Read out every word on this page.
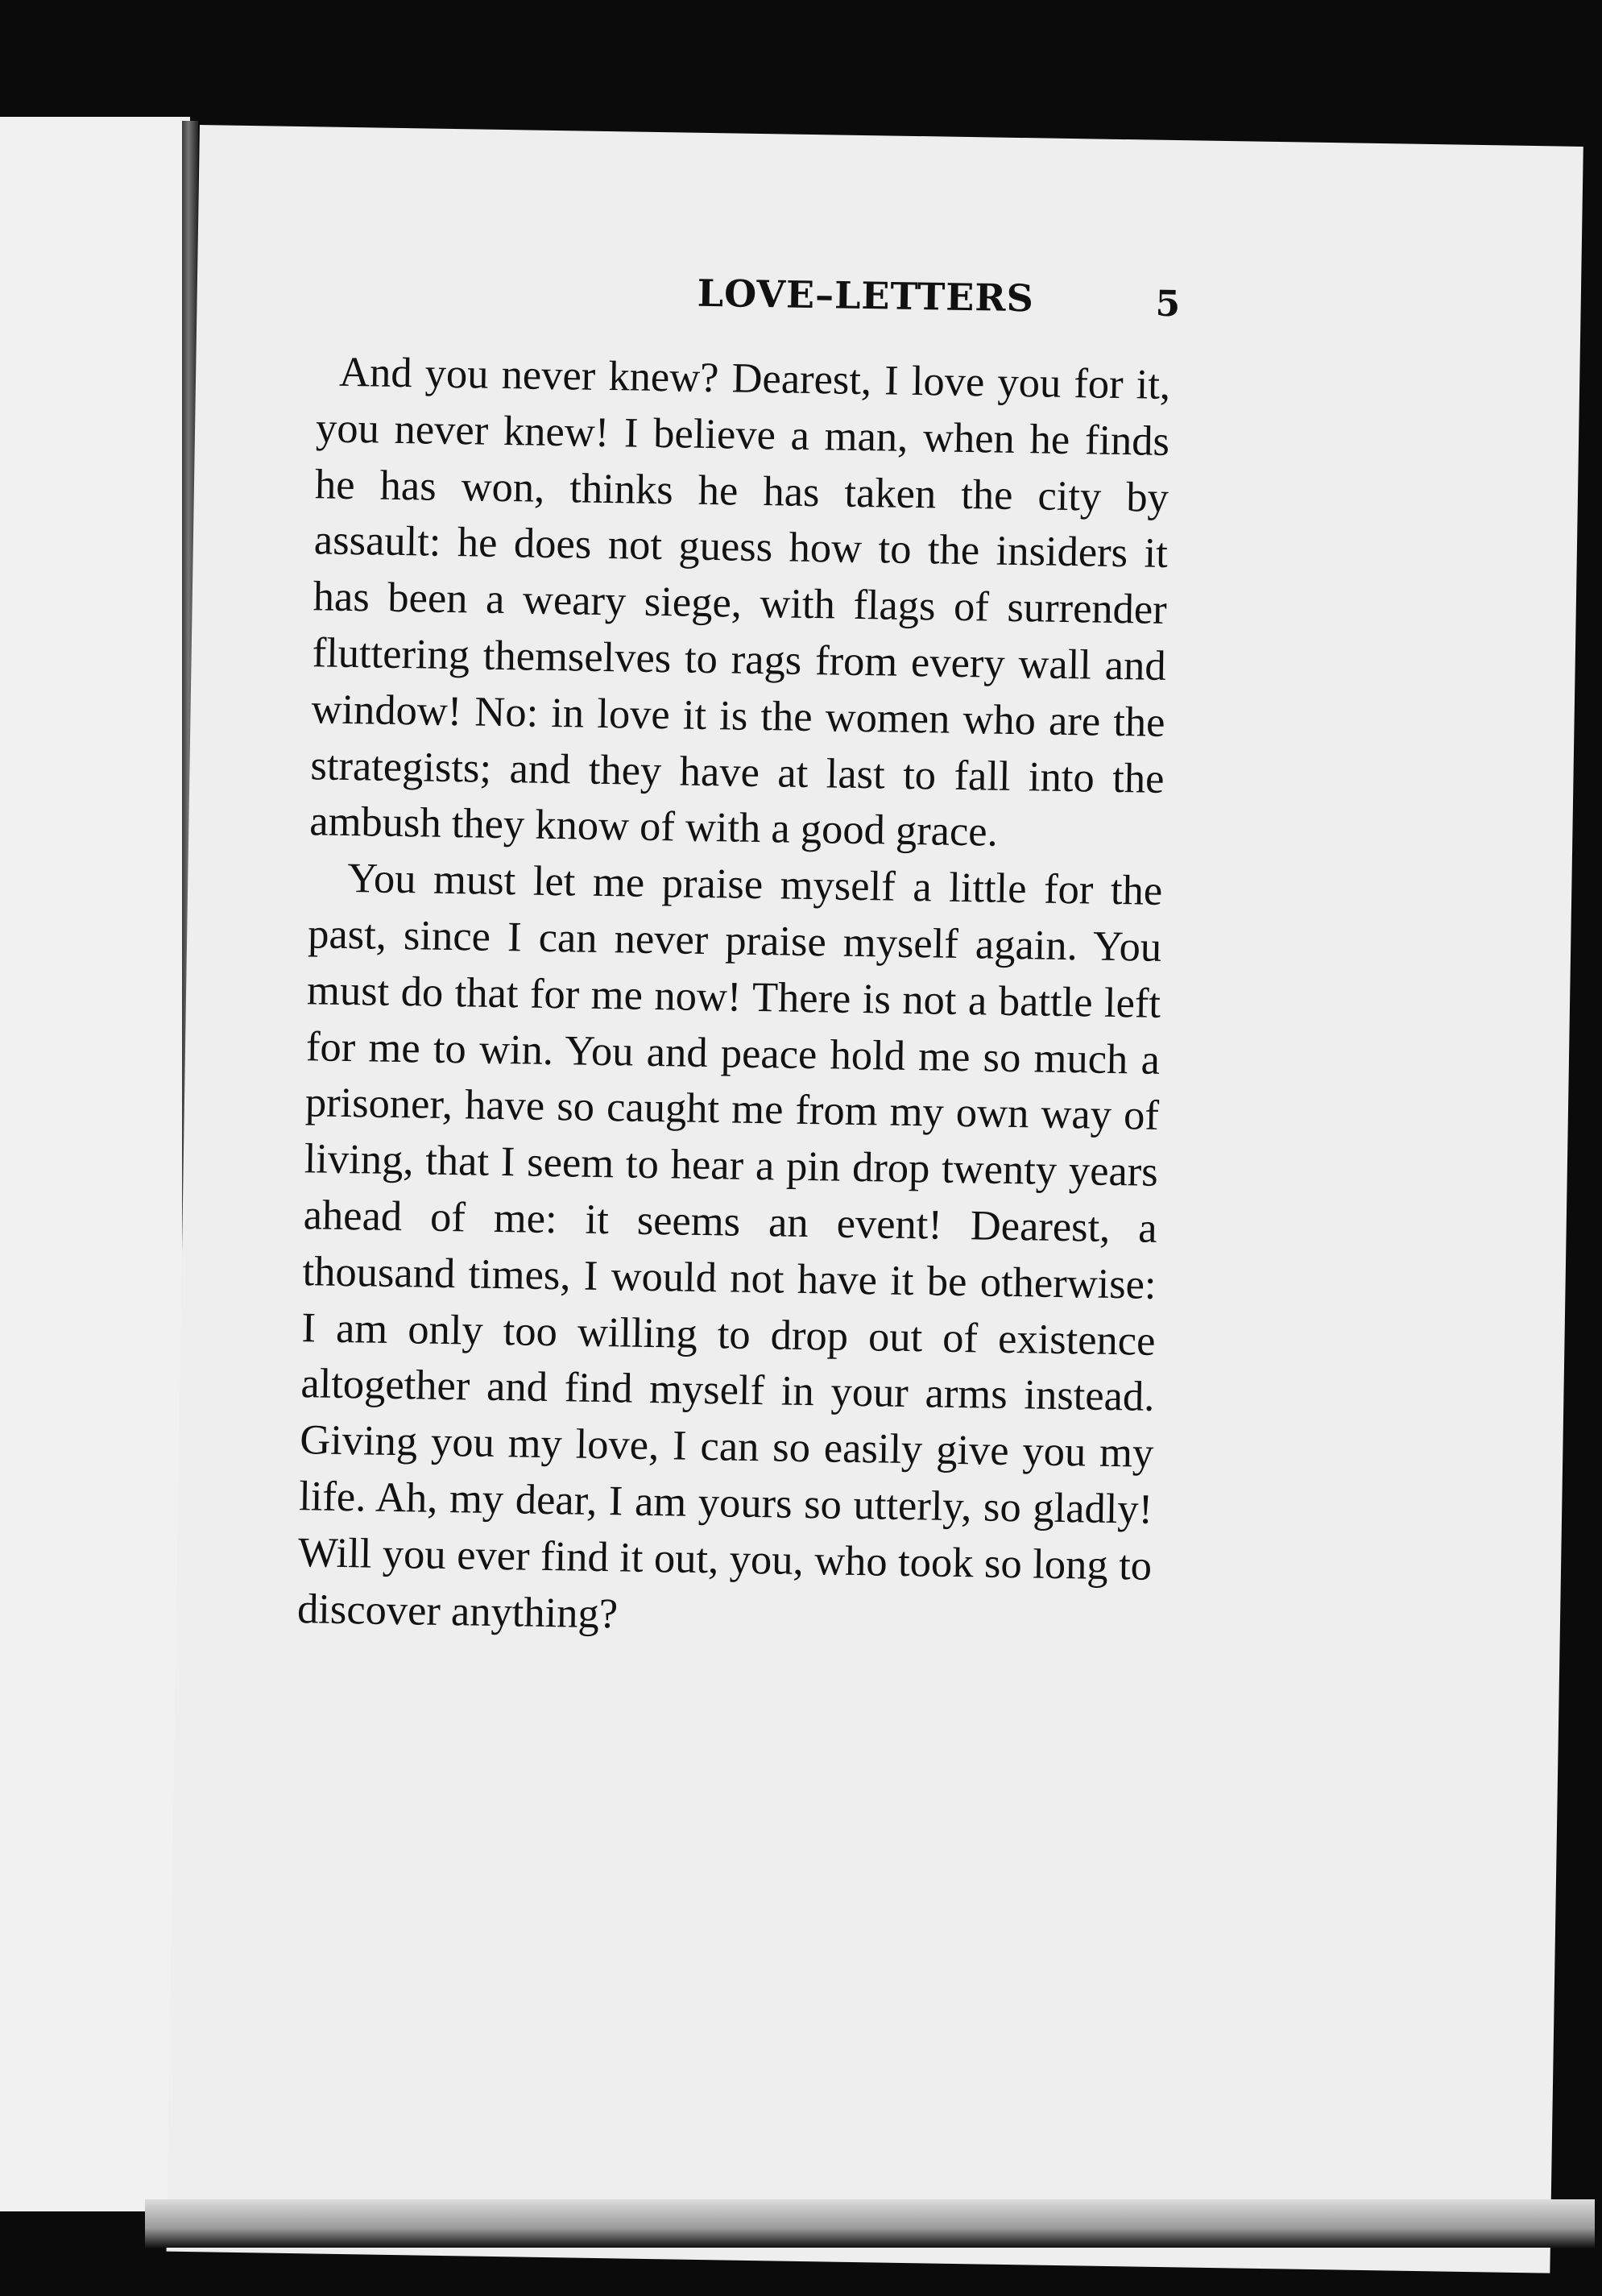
LOVE–LETTERS	5

And you never knew? Dearest, I love you for it, you never knew! I believe a man, when he finds he has won, thinks he has taken the city by assault: he does not guess how to the insiders it has been a weary siege, with flags of surrender fluttering themselves to rags from every wall and window! No: in love it is the women who are the strategists; and they have at last to fall into the ambush they know of with a good grace.

You must let me praise myself a little for the past, since I can never praise myself again. You must do that for me now! There is not a battle left for me to win. You and peace hold me so much a prisoner, have so caught me from my own way of living, that I seem to hear a pin drop twenty years ahead of me: it seems an event! Dearest, a thousand times, I would not have it be otherwise: I am only too willing to drop out of existence altogether and find myself in your arms instead. Giving you my love, I can so easily give you my life. Ah, my dear, I am yours so utterly, so gladly! Will you ever find it out, you, who took so long to discover anything?
